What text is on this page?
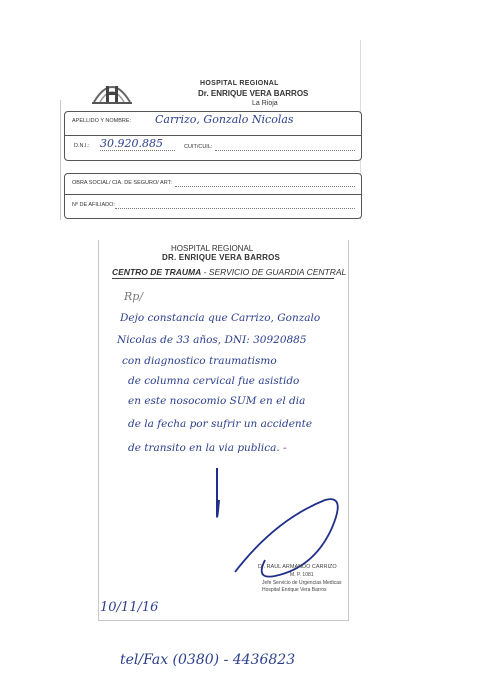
HOSPITAL REGIONAL
Dr. ENRIQUE VERA BARROS
La Rioja
APELLIDO Y NOMBRE: Carrizo, Gonzalo Nicolas
D.N.I.: 30.920.885	CUIT/CUIL:
OBRA SOCIAL/ CIA. DE SEGURO/ ART:
Nº DE AFILIADO:
HOSPITAL REGIONAL
DR. ENRIQUE VERA BARROS
CENTRO DE TRAUMA - SERVICIO DE GUARDIA CENTRAL
Rp/
Dejo constancia que Carrizo, Gonzalo
Nicolas de 33 años, DNI: 30920885
con diagnostico traumatismo
de columna cervical fue asistido
en este nosocomio SUM en el dia
de la fecha por sufrir un accidente
de transito en la via publica. -
Dr. RAUL ARMANDO CARRIZO
M. P. 1081
Jefe Servicio de Urgencias Medicas
Hospital Enrique Vera Barros
10/11/16
tel/Fax (0380) - 4436823
